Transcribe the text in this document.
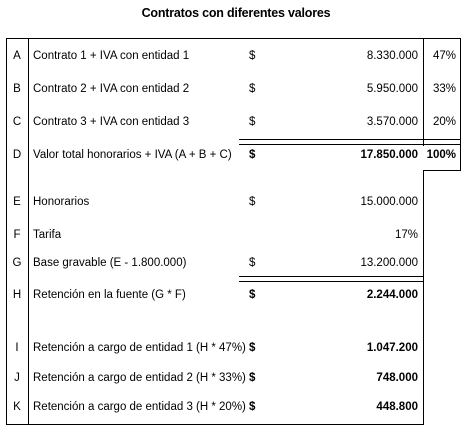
Contratos con diferentes valores
A	Contrato 1 + IVA con entidad 1	$	8.330.000 47%
B	Contrato 2 + IVA con entidad 2	$	5.950.000 33%
C	Contrato 3 + IVA con entidad 3	$	3.570.000 20%
D	Valor total honorarios + IVA (A + B + C) $	17.850.000 100%
E	Honorarios	$	15.000.000
F	Tarifa	17%
G	Base gravable (E - 1.800.000)	$	13.200.000
H	Retención en la fuente (G * F)	$	2.244.000
I	Retención a cargo de entidad 1 (H * 47%) $	1.047.200
J	Retención a cargo de entidad 2 (H * 33%) $	748.000
K	Retención a cargo de entidad 3 (H * 20%) $	448.800
